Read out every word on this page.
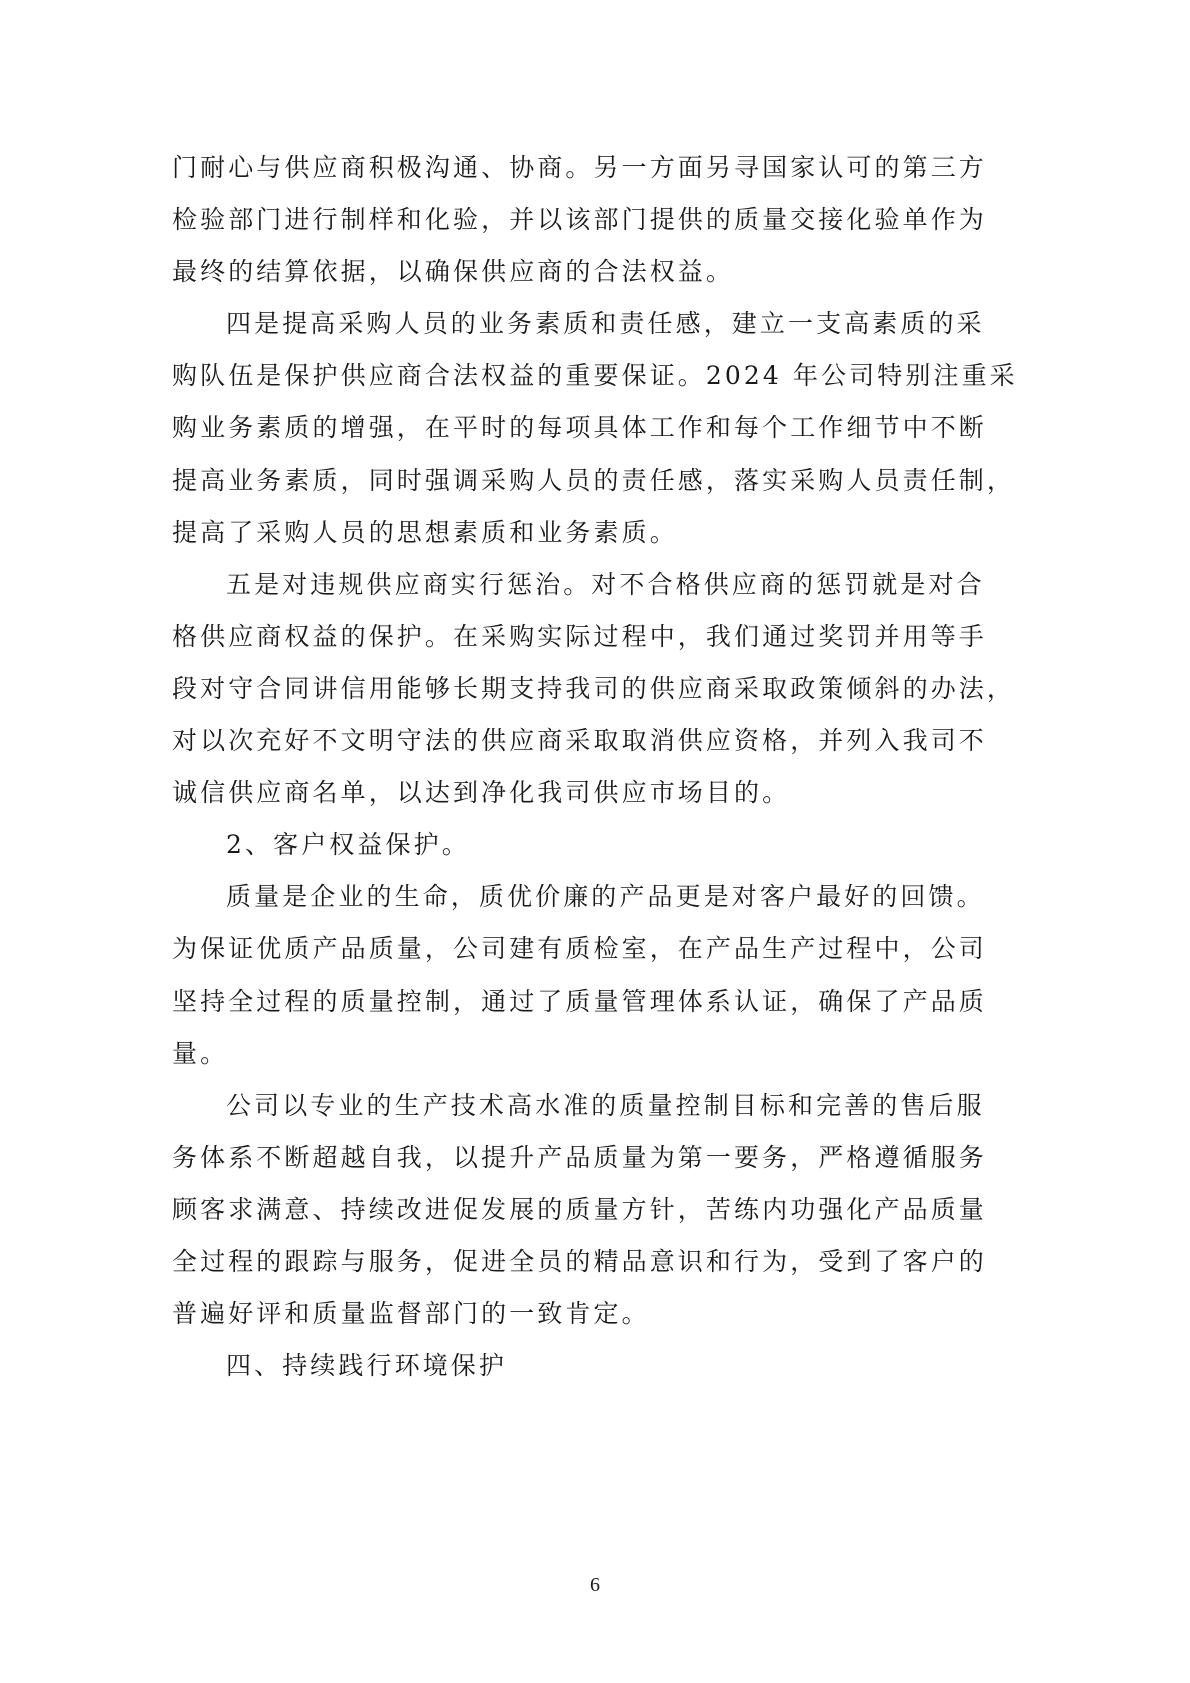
门耐心与供应商积极沟通、协商。另一方面另寻国家认可的第三方
检验部门进行制样和化验，并以该部门提供的质量交接化验单作为
最终的结算依据，以确保供应商的合法权益。
四是提高采购人员的业务素质和责任感，建立一支高素质的采
购队伍是保护供应商合法权益的重要保证。2024 年公司特别注重采
购业务素质的增强，在平时的每项具体工作和每个工作细节中不断
提高业务素质，同时强调采购人员的责任感，落实采购人员责任制，
提高了采购人员的思想素质和业务素质。
五是对违规供应商实行惩治。对不合格供应商的惩罚就是对合
格供应商权益的保护。在采购实际过程中，我们通过奖罚并用等手
段对守合同讲信用能够长期支持我司的供应商采取政策倾斜的办法，
对以次充好不文明守法的供应商采取取消供应资格，并列入我司不
诚信供应商名单，以达到净化我司供应市场目的。
2、客户权益保护。
质量是企业的生命，质优价廉的产品更是对客户最好的回馈。
为保证优质产品质量，公司建有质检室，在产品生产过程中，公司
坚持全过程的质量控制，通过了质量管理体系认证，确保了产品质
量。
公司以专业的生产技术高水准的质量控制目标和完善的售后服
务体系不断超越自我，以提升产品质量为第一要务，严格遵循服务
顾客求满意、持续改进促发展的质量方针，苦练内功强化产品质量
全过程的跟踪与服务，促进全员的精品意识和行为，受到了客户的
普遍好评和质量监督部门的一致肯定。
四、持续践行环境保护
6
